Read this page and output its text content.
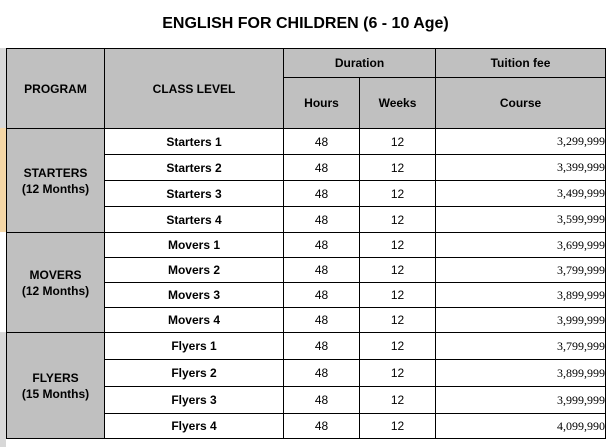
ENGLISH FOR CHILDREN (6 - 10 Age)
PROGRAM	CLASS LEVEL	Duration		Tuition fee
		Hours	Weeks	Course

STARTERS
(12 Months)	Starters 1	48	12	3,299,999
	Starters 2	48	12	3,399,999
	Starters 3	48	12	3,499,999
	Starters 4	48	12	3,599,999

MOVERS
(12 Months)	Movers 1	48	12	3,699,999
	Movers 2	48	12	3,799,999
	Movers 3	48	12	3,899,999
	Movers 4	48	12	3,999,999

FLYERS
(15 Months)	Flyers 1	48	12	3,799,999
	Flyers 2	48	12	3,899,999
	Flyers 3	48	12	3,999,999
	Flyers 4	48	12	4,099,990
